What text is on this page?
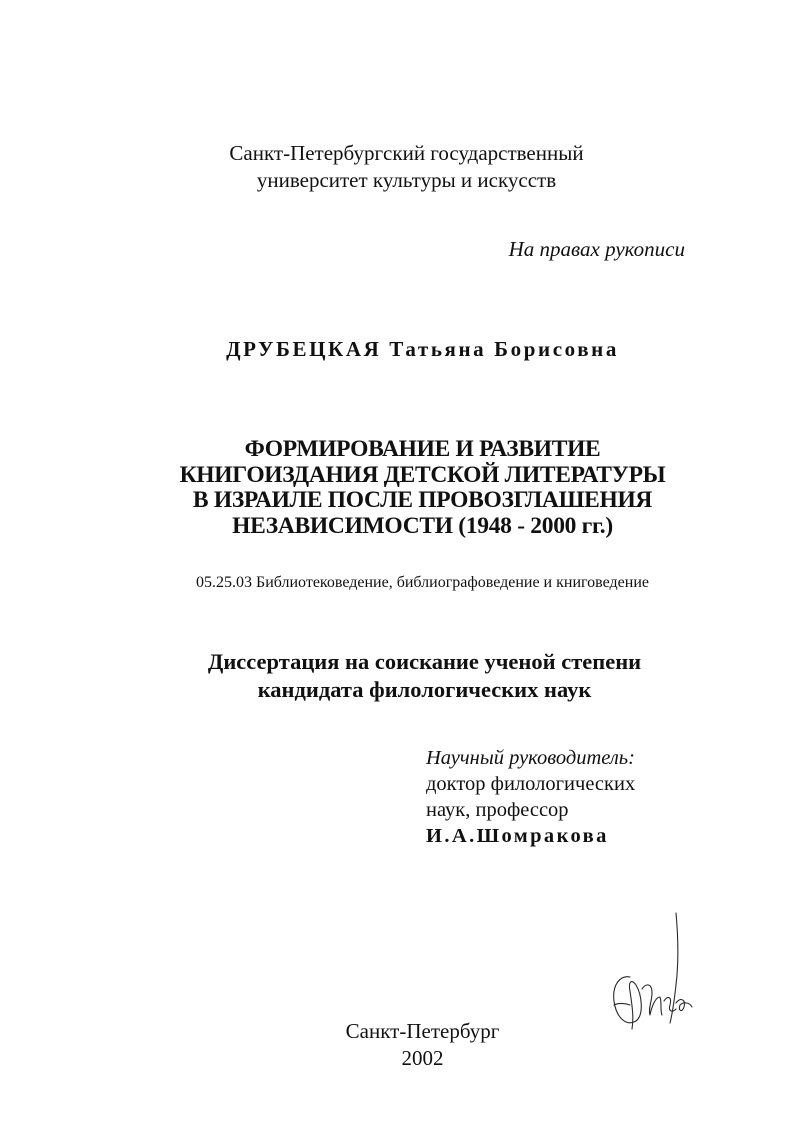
Санкт-Петербургский государственный
университет культуры и искусств
На правах рукописи
ДРУБЕЦКАЯ Татьяна Борисовна
ФОРМИРОВАНИЕ И РАЗВИТИЕ
КНИГОИЗДАНИЯ ДЕТСКОЙ ЛИТЕРАТУРЫ
В ИЗРАИЛЕ ПОСЛЕ ПРОВОЗГЛАШЕНИЯ
НЕЗАВИСИМОСТИ (1948 - 2000 гг.)
05.25.03 Библиотековедение, библиографоведение и книговедение
Диссертация на соискание ученой степени
кандидата филологических наук
Научный руководитель:
доктор филологических
наук, профессор
И.А.Шомракова
Санкт-Петербург
2002
